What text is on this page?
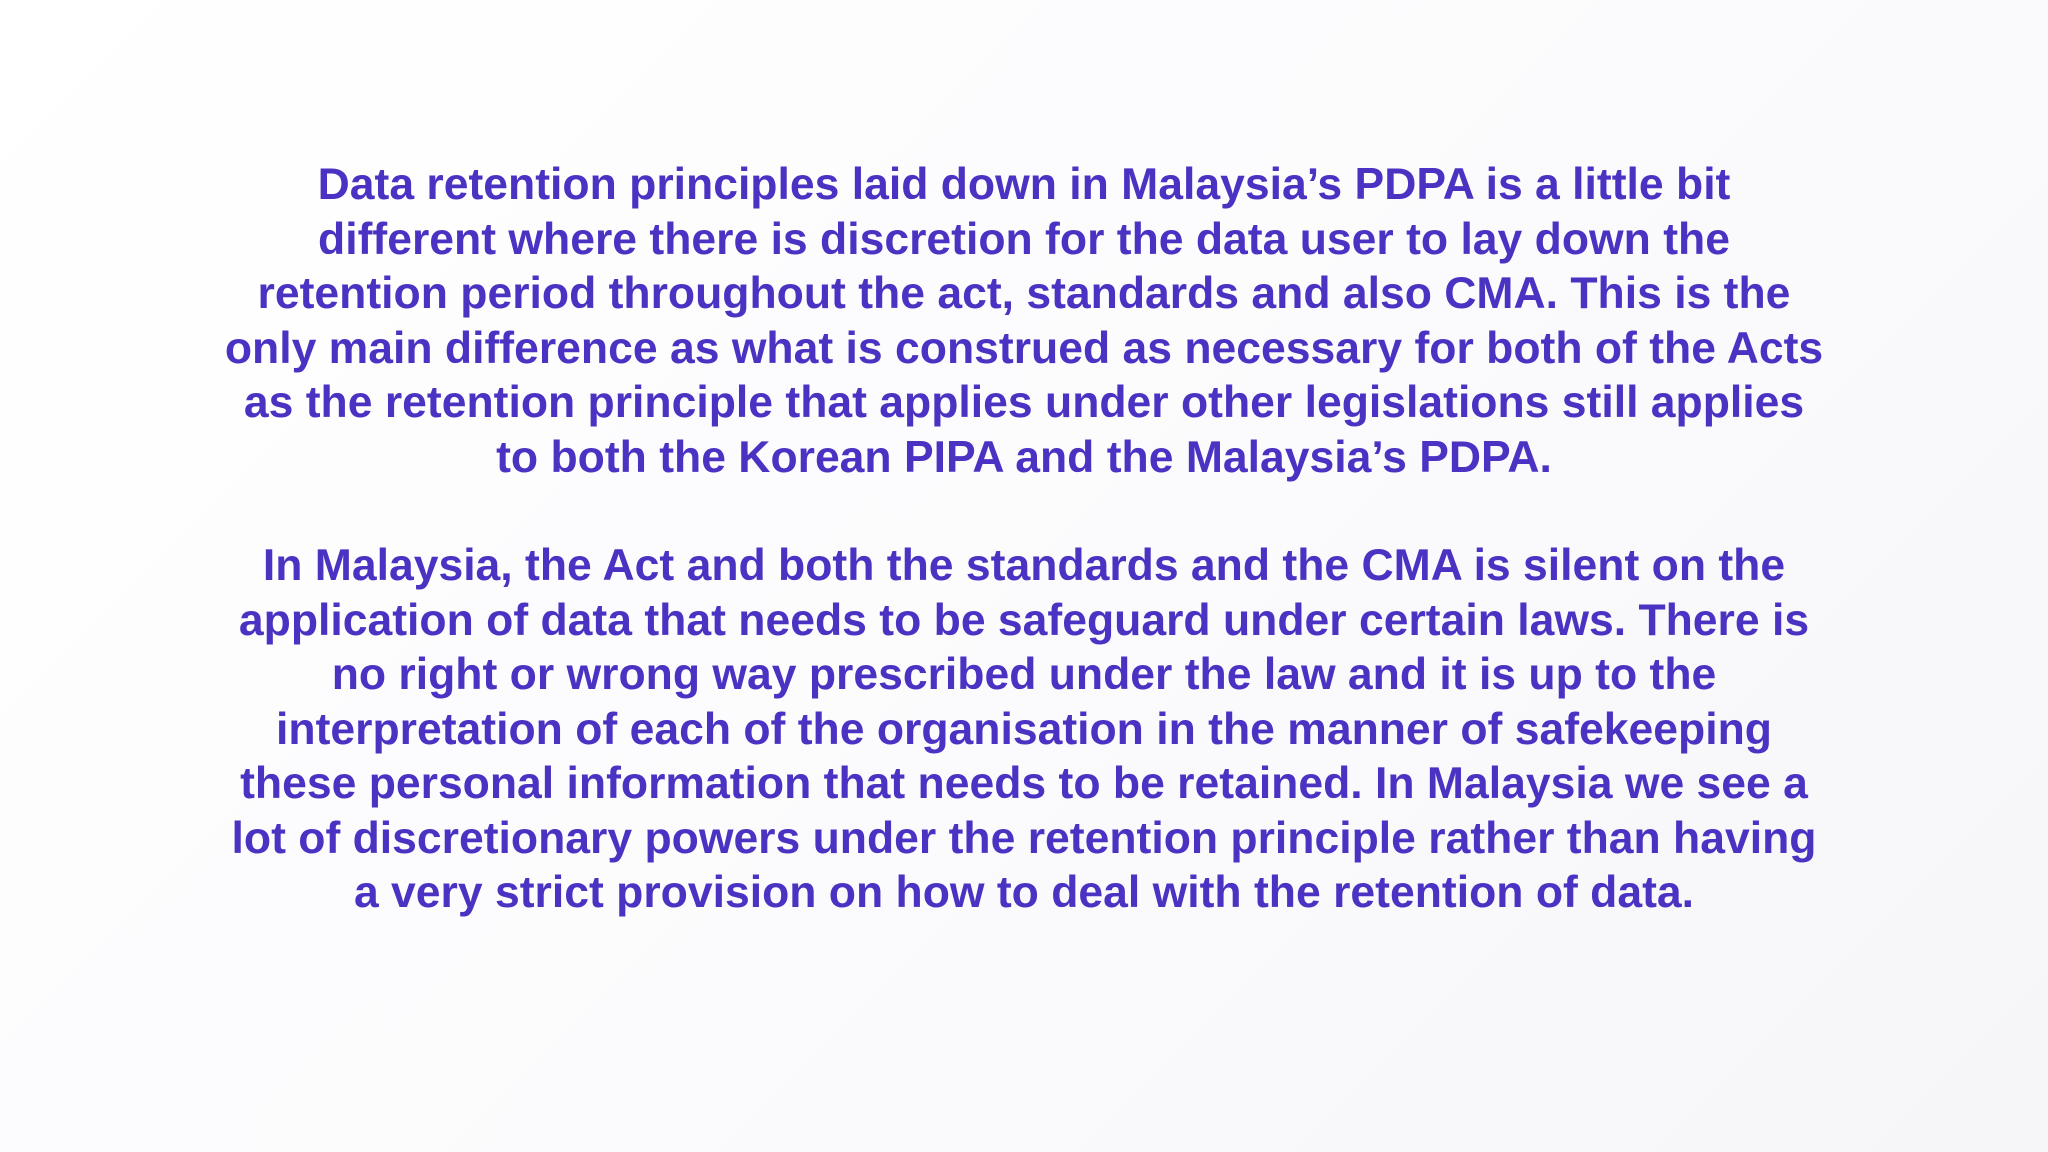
Data retention principles laid down in Malaysia’s PDPA is a little bit
different where there is discretion for the data user to lay down the
retention period throughout the act, standards and also CMA. This is the
only main difference as what is construed as necessary for both of the Acts
as the retention principle that applies under other legislations still applies
to both the Korean PIPA and the Malaysia’s PDPA.

In Malaysia, the Act and both the standards and the CMA is silent on the
application of data that needs to be safeguard under certain laws. There is
no right or wrong way prescribed under the law and it is up to the
interpretation of each of the organisation in the manner of safekeeping
these personal information that needs to be retained. In Malaysia we see a
lot of discretionary powers under the retention principle rather than having
a very strict provision on how to deal with the retention of data.
